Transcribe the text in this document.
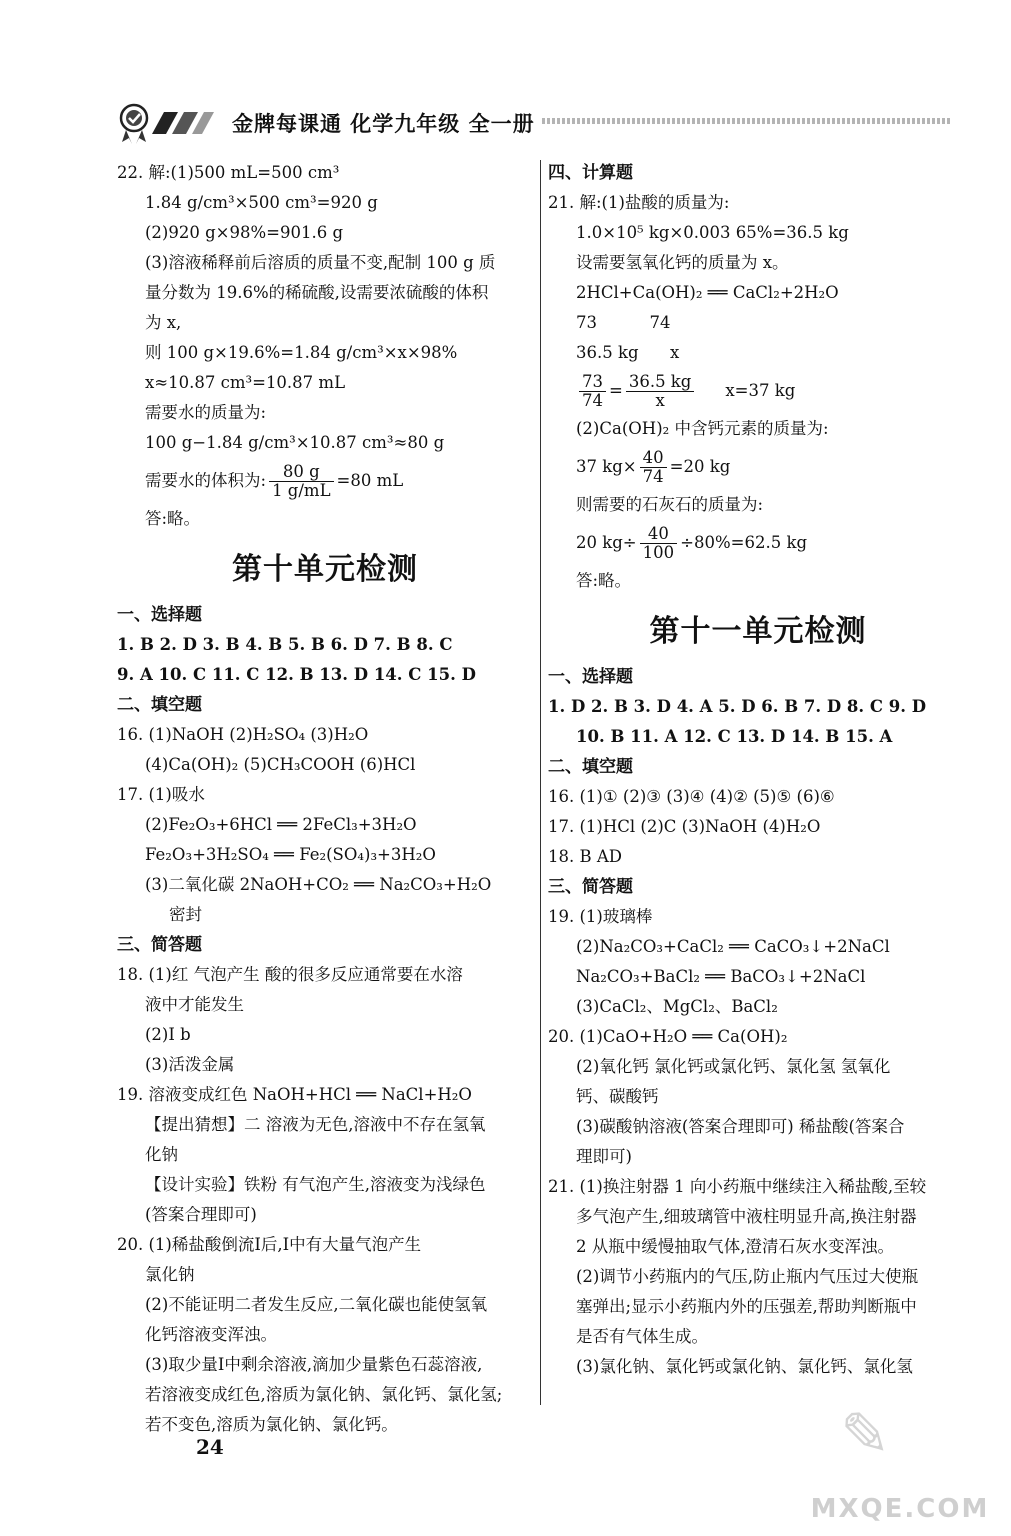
金牌每课通 化学九年级 全一册
22. 解:(1)500 mL=500 cm³
1.84 g/cm³×500 cm³=920 g
(2)920 g×98%=901.6 g
(3)溶液稀释前后溶质的质量不变,配制 100 g 质
量分数为 19.6%的稀硫酸,设需要浓硫酸的体积
为 x,
则 100 g×19.6%=1.84 g/cm³×x×98%
x≈10.87 cm³=10.87 mL
需要水的质量为:
100 g−1.84 g/cm³×10.87 cm³≈80 g
需要水的体积为: $\frac{80 g}{1 g/mL} =80$ mL
答:略。
第十单元检测
一、选择题
1. B 2. D 3. B 4. B 5. B 6. D 7. B 8. C
9. A 10. C 11. C 12. B 13. D 14. C 15. D
二、填空题
16. (1)NaOH (2)H₂SO₄ (3)H₂O
(4)Ca(OH)₂ (5)CH₃COOH (6)HCl
17. (1)吸水
(2)Fe₂O₃+6HCl ══ 2FeCl₃+3H₂O
Fe₂O₃+3H₂SO₄ ══ Fe₂(SO₄)₃+3H₂O
(3)二氧化碳 2NaOH+CO₂ ══ Na₂CO₃+H₂O
密封
三、简答题
18. (1)红 气泡产生 酸的很多反应通常要在水溶
液中才能发生
(2)Ⅰ b
(3)活泼金属
19. 溶液变成红色 NaOH+HCl ══ NaCl+H₂O
【提出猜想】二 溶液为无色,溶液中不存在氢氧
化钠
【设计实验】铁粉 有气泡产生,溶液变为浅绿色
(答案合理即可)
20. (1)稀盐酸倒流Ⅰ后,Ⅰ中有大量气泡产生
氯化钠
(2)不能证明二者发生反应,二氧化碳也能使氢氧
化钙溶液变浑浊。
(3)取少量Ⅰ中剩余溶液,滴加少量紫色石蕊溶液,
若溶液变成红色,溶质为氯化钠、氯化钙、氯化氢;
若不变色,溶质为氯化钠、氯化钙。
四、计算题
21. 解:(1)盐酸的质量为:
1.0×10⁵ kg×0.003 65%=36.5 kg
设需要氢氧化钙的质量为 x。
2HCl+Ca(OH)₂ ══ CaCl₂+2H₂O
73          74
36.5 kg      x
$\frac{73}{74} = \frac{36.5 kg}{x} x=37$ kg
(2)Ca(OH)₂ 中含钙元素的质量为:
37 $kg\times \frac{40}{74} =20$ kg
则需要的石灰石的质量为:
20 $kg\div \frac{40}{100} \div 80\%=62.5$ kg
答:略。
第十一单元检测
一、选择题
1. D 2. B 3. D 4. A 5. D 6. B 7. D 8. C 9. D
10. B 11. A 12. C 13. D 14. B 15. A
二、填空题
16. (1)① (2)③ (3)④ (4)② (5)⑤ (6)⑥
17. (1)HCl (2)C (3)NaOH (4)H₂O
18. B AD
三、简答题
19. (1)玻璃棒
(2)Na₂CO₃+CaCl₂ ══ CaCO₃↓+2NaCl
Na₂CO₃+BaCl₂ ══ BaCO₃↓+2NaCl
(3)CaCl₂、MgCl₂、BaCl₂
20. (1)CaO+H₂O ══ Ca(OH)₂
(2)氧化钙 氯化钙或氯化钙、氯化氢 氢氧化
钙、碳酸钙
(3)碳酸钠溶液(答案合理即可) 稀盐酸(答案合
理即可)
21. (1)换注射器 1 向小药瓶中继续注入稀盐酸,至较
多气泡产生,细玻璃管中液柱明显升高,换注射器
2 从瓶中缓慢抽取气体,澄清石灰水变浑浊。
(2)调节小药瓶内的气压,防止瓶内气压过大使瓶
塞弹出;显示小药瓶内外的压强差,帮助判断瓶中
是否有气体生成。
(3)氯化钠、氯化钙或氯化钠、氯化钙、氯化氢
24	✎
MXQE.COM
